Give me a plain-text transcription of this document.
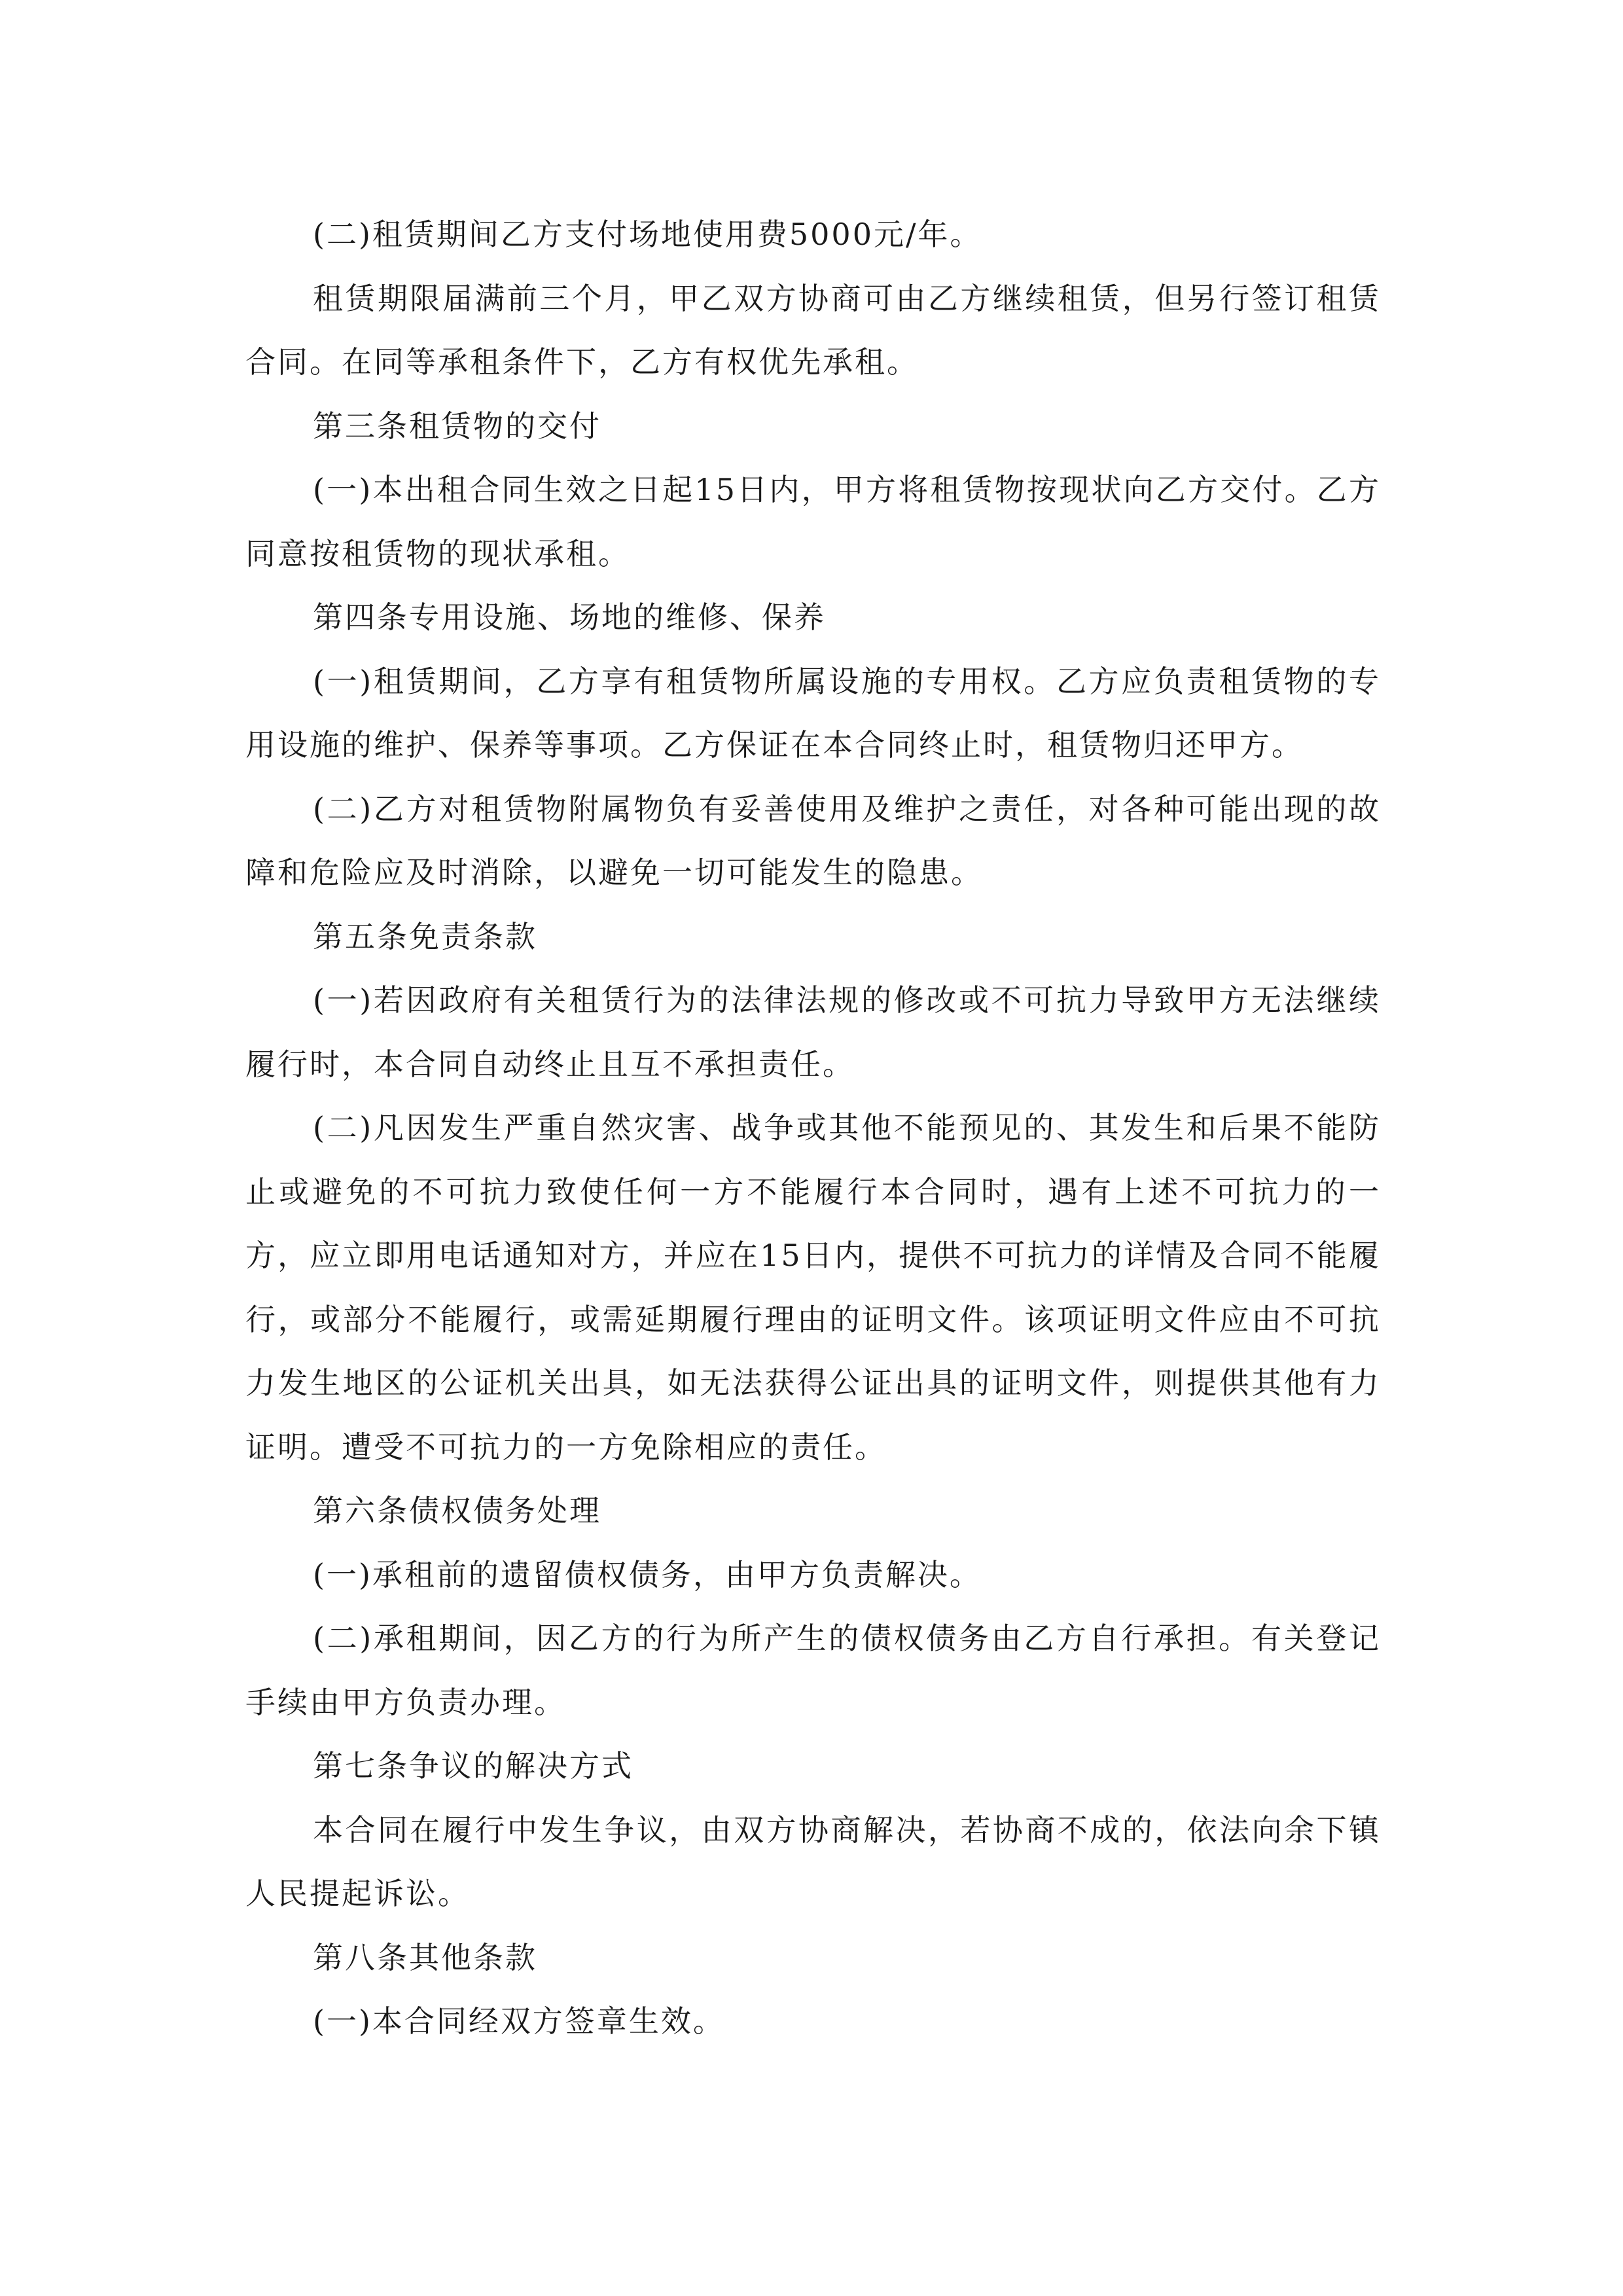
(二)租赁期间乙方支付场地使用费5000元/年。

租赁期限届满前三个月，甲乙双方协商可由乙方继续租赁，但另行签订租赁合同。在同等承租条件下，乙方有权优先承租。

第三条租赁物的交付

(一)本出租合同生效之日起15日内，甲方将租赁物按现状向乙方交付。乙方同意按租赁物的现状承租。

第四条专用设施、场地的维修、保养

(一)租赁期间，乙方享有租赁物所属设施的专用权。乙方应负责租赁物的专用设施的维护、保养等事项。乙方保证在本合同终止时，租赁物归还甲方。

(二)乙方对租赁物附属物负有妥善使用及维护之责任，对各种可能出现的故障和危险应及时消除，以避免一切可能发生的隐患。

第五条免责条款

(一)若因政府有关租赁行为的法律法规的修改或不可抗力导致甲方无法继续履行时，本合同自动终止且互不承担责任。

(二)凡因发生严重自然灾害、战争或其他不能预见的、其发生和后果不能防止或避免的不可抗力致使任何一方不能履行本合同时，遇有上述不可抗力的一方，应立即用电话通知对方，并应在15日内，提供不可抗力的详情及合同不能履行，或部分不能履行，或需延期履行理由的证明文件。该项证明文件应由不可抗力发生地区的公证机关出具，如无法获得公证出具的证明文件，则提供其他有力证明。遭受不可抗力的一方免除相应的责任。

第六条债权债务处理

(一)承租前的遗留债权债务，由甲方负责解决。

(二)承租期间，因乙方的行为所产生的债权债务由乙方自行承担。有关登记手续由甲方负责办理。

第七条争议的解决方式

本合同在履行中发生争议，由双方协商解决，若协商不成的，依法向余下镇人民提起诉讼。

第八条其他条款

(一)本合同经双方签章生效。
